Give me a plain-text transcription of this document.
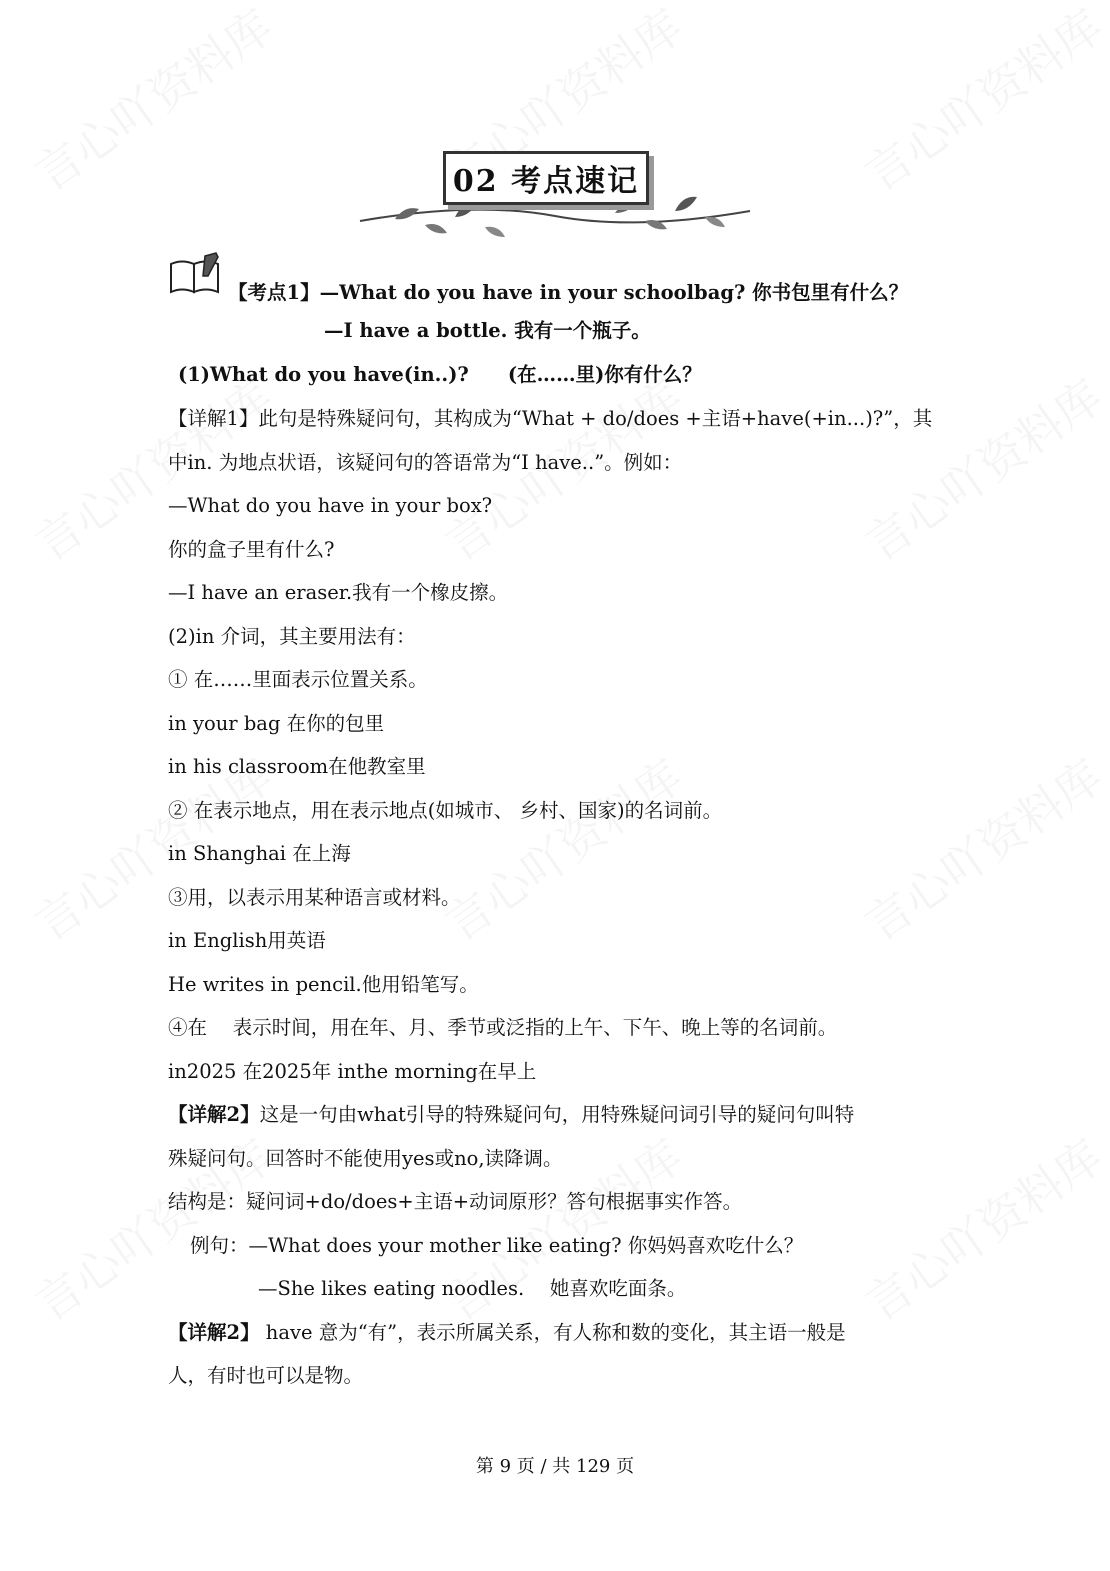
02 考点速记
【考点1】—What do you have in your schoolbag? 你书包里有什么？
—I have a bottle. 我有一个瓶子。
(1)What do you have(in..)?　　(在……里)你有什么？
【详解1】此句是特殊疑问句，其构成为“What + do/does +主语+have(+in...)?”，其
中in. 为地点状语，该疑问句的答语常为“I have..”。例如：
—What do you have in your box?
你的盒子里有什么?
—I have an eraser.我有一个橡皮擦。
(2)in 介词，其主要用法有：
① 在……里面表示位置关系。
in your bag 在你的包里
in his classroom在他教室里
② 在表示地点，用在表示地点(如城市、 乡村、国家)的名词前。
in Shanghai 在上海
③用，以表示用某种语言或材料。
in English用英语
He writes in pencil.他用铅笔写。
④在　 表示时间，用在年、月、季节或泛指的上午、下午、晚上等的名词前。
in2025 在2025年 inthe morning在早上
【详解2】这是一句由what引导的特殊疑问句，用特殊疑问词引导的疑问句叫特
殊疑问句。回答时不能使用yes或no,读降调。
结构是：疑问词+do/does+主语+动词原形？答句根据事实作答。
例句：—What does your mother like eating? 你妈妈喜欢吃什么？
—She likes eating noodles.　 她喜欢吃面条。
【详解2】 have 意为“有”，表示所属关系，有人称和数的变化，其主语一般是
人，有时也可以是物。
第 9 页 / 共 129 页
